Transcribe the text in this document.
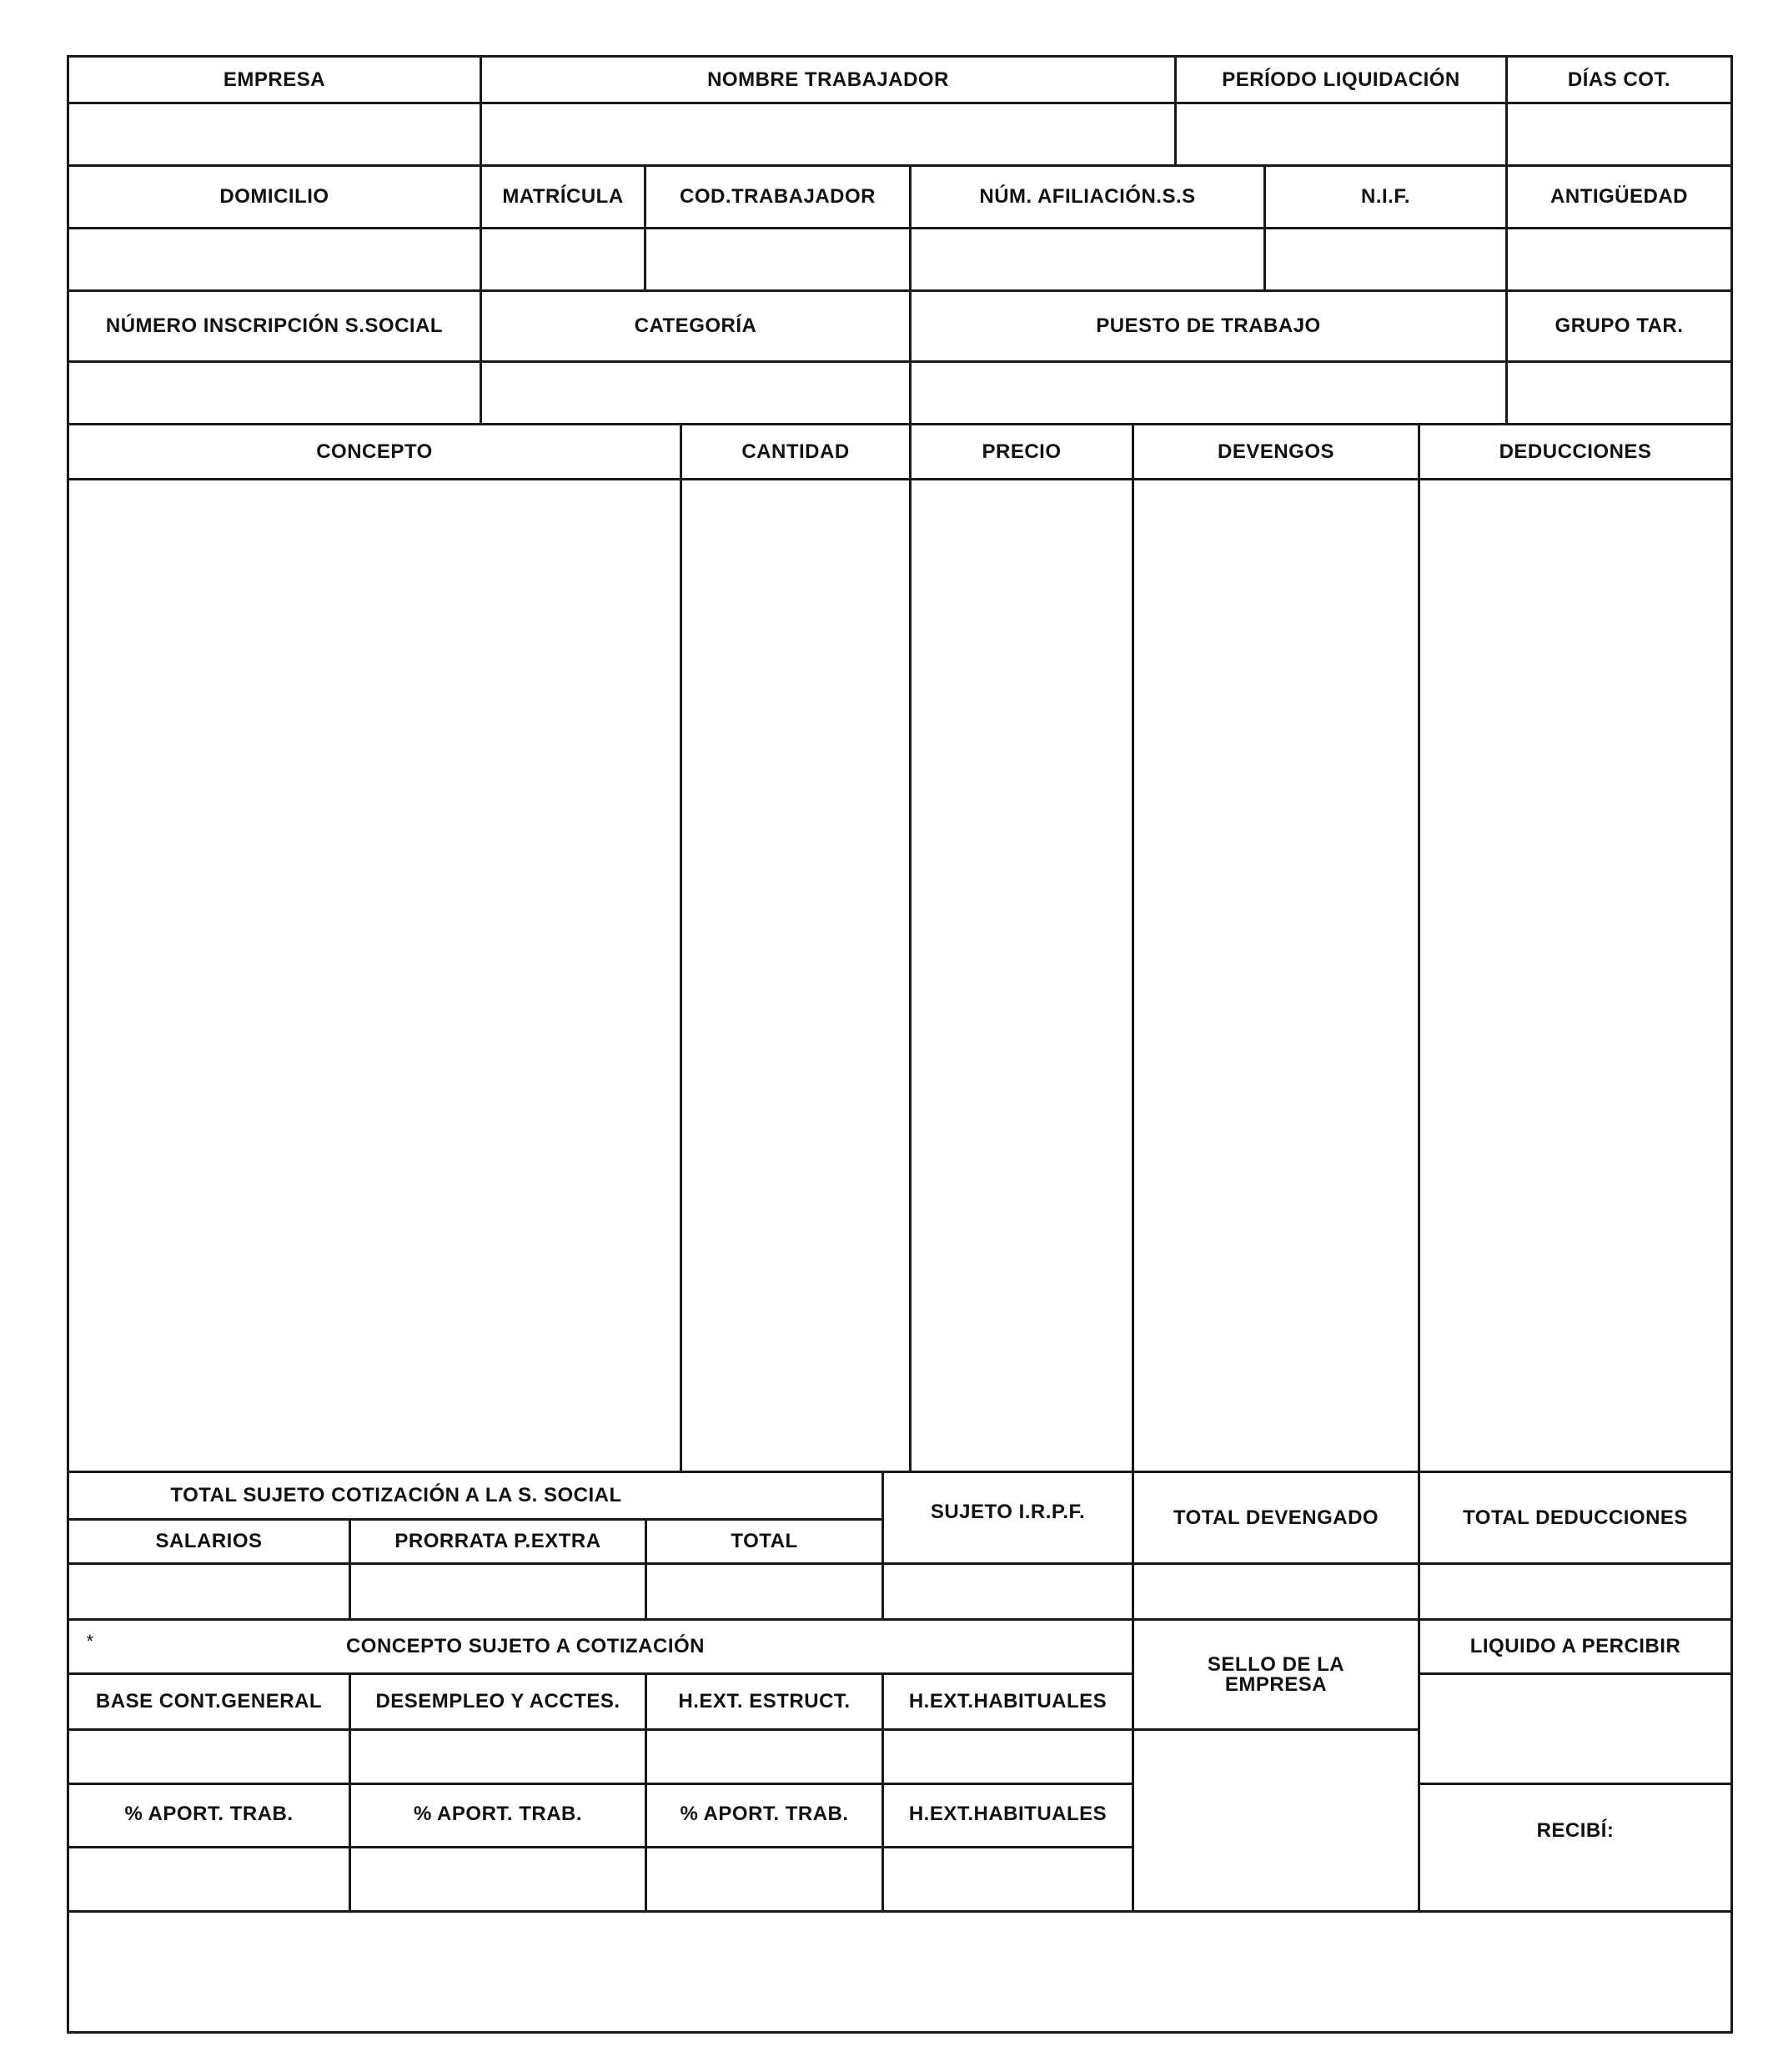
EMPRESA	NOMBRE TRABAJADOR	PERÍODO LIQUIDACIÓN	DÍAS COT.
DOMICILIO	MATRÍCULA	COD.TRABAJADOR	NÚM. AFILIACIÓN.S.S	N.I.F.	ANTIGÜEDAD
NÚMERO INSCRIPCIÓN S.SOCIAL	CATEGORÍA	PUESTO DE TRABAJO	GRUPO TAR.
CONCEPTO	CANTIDAD	PRECIO	DEVENGOS	DEDUCCIONES
TOTAL SUJETO COTIZACIÓN A LA S. SOCIAL
SALARIOS	PRORRATA P.EXTRA	TOTAL
SUJETO I.R.P.F.	TOTAL DEVENGADO	TOTAL DEDUCCIONES
*	CONCEPTO SUJETO A COTIZACIÓN
SELLO DE LA EMPRESA
LIQUIDO A PERCIBIR
BASE CONT.GENERAL	DESEMPLEO Y ACCTES.	H.EXT. ESTRUCT.	H.EXT.HABITUALES
% APORT. TRAB.	% APORT. TRAB.	% APORT. TRAB.	H.EXT.HABITUALES
RECIBÍ:
